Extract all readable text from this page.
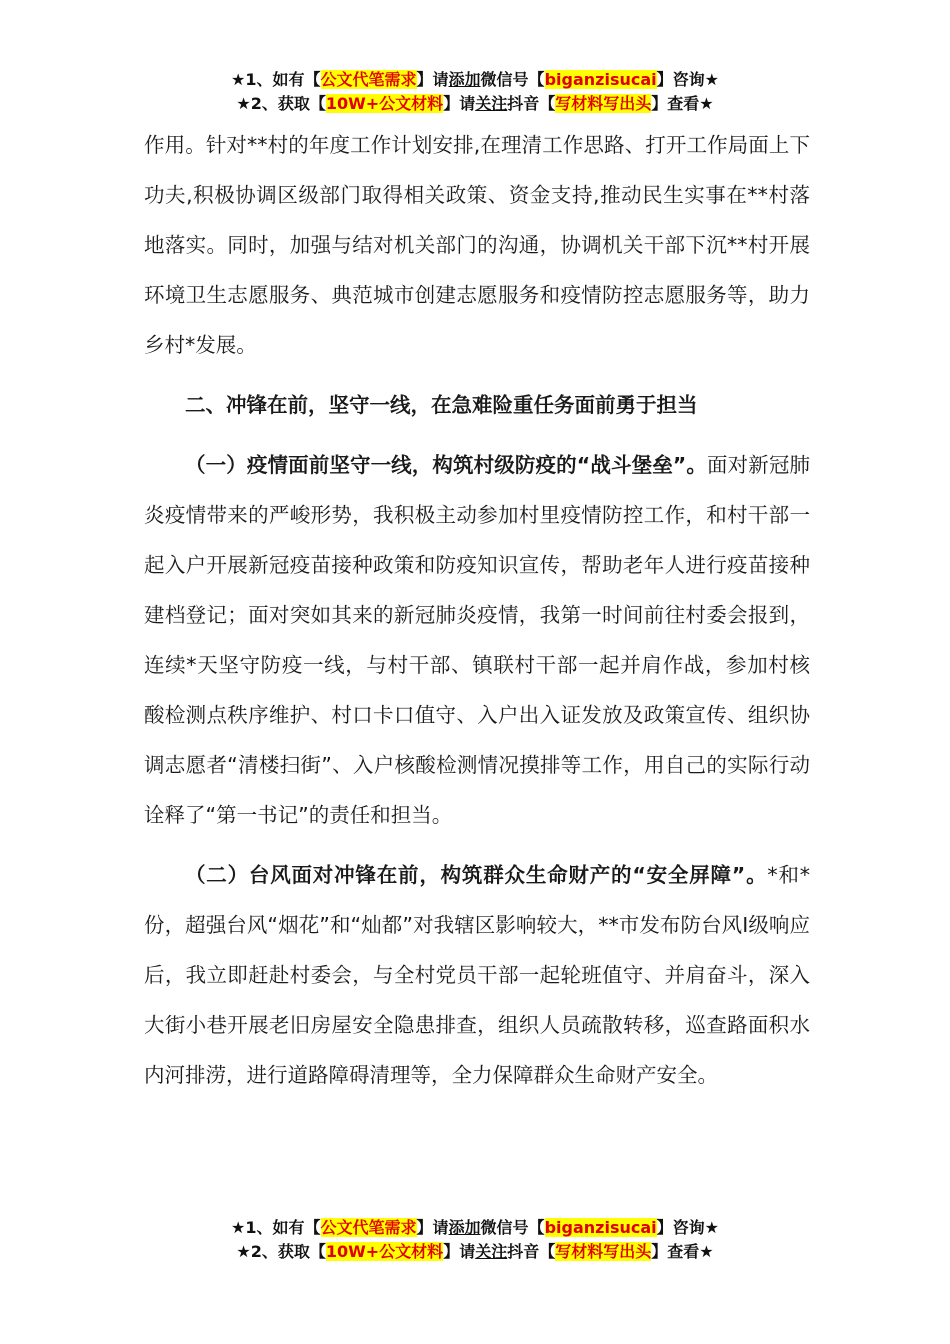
★1、如有【公文代笔需求】请添加微信号【biganzisucai】咨询★
★2、获取【10W+公文材料】请关注抖音【写材料写出头】查看★

作用。针对**村的年度工作计划安排,在理清工作思路、打开工作局面上下功夫,积极协调区级部门取得相关政策、资金支持,推动民生实事在**村落地落实。同时，加强与结对机关部门的沟通，协调机关干部下沉**村开展环境卫生志愿服务、典范城市创建志愿服务和疫情防控志愿服务等，助力乡村*发展。

二、冲锋在前，坚守一线，在急难险重任务面前勇于担当

（一）疫情面前坚守一线，构筑村级防疫的“战斗堡垒”。面对新冠肺炎疫情带来的严峻形势，我积极主动参加村里疫情防控工作，和村干部一起入户开展新冠疫苗接种政策和防疫知识宣传，帮助老年人进行疫苗接种建档登记；面对突如其来的新冠肺炎疫情，我第一时间前往村委会报到，连续*天坚守防疫一线，与村干部、镇联村干部一起并肩作战，参加村核酸检测点秩序维护、村口卡口值守、入户出入证发放及政策宣传、组织协调志愿者“清楼扫街”、入户核酸检测情况摸排等工作，用自己的实际行动诠释了“第一书记”的责任和担当。

（二）台风面对冲锋在前，构筑群众生命财产的“安全屏障”。*和*份，超强台风“烟花”和“灿都”对我辖区影响较大，**市发布防台风Ⅰ级响应后，我立即赶赴村委会，与全村党员干部一起轮班值守、并肩奋斗，深入大街小巷开展老旧房屋安全隐患排查，组织人员疏散转移，巡查路面积水内河排涝，进行道路障碍清理等，全力保障群众生命财产安全。

★1、如有【公文代笔需求】请添加微信号【biganzisucai】咨询★
★2、获取【10W+公文材料】请关注抖音【写材料写出头】查看★
